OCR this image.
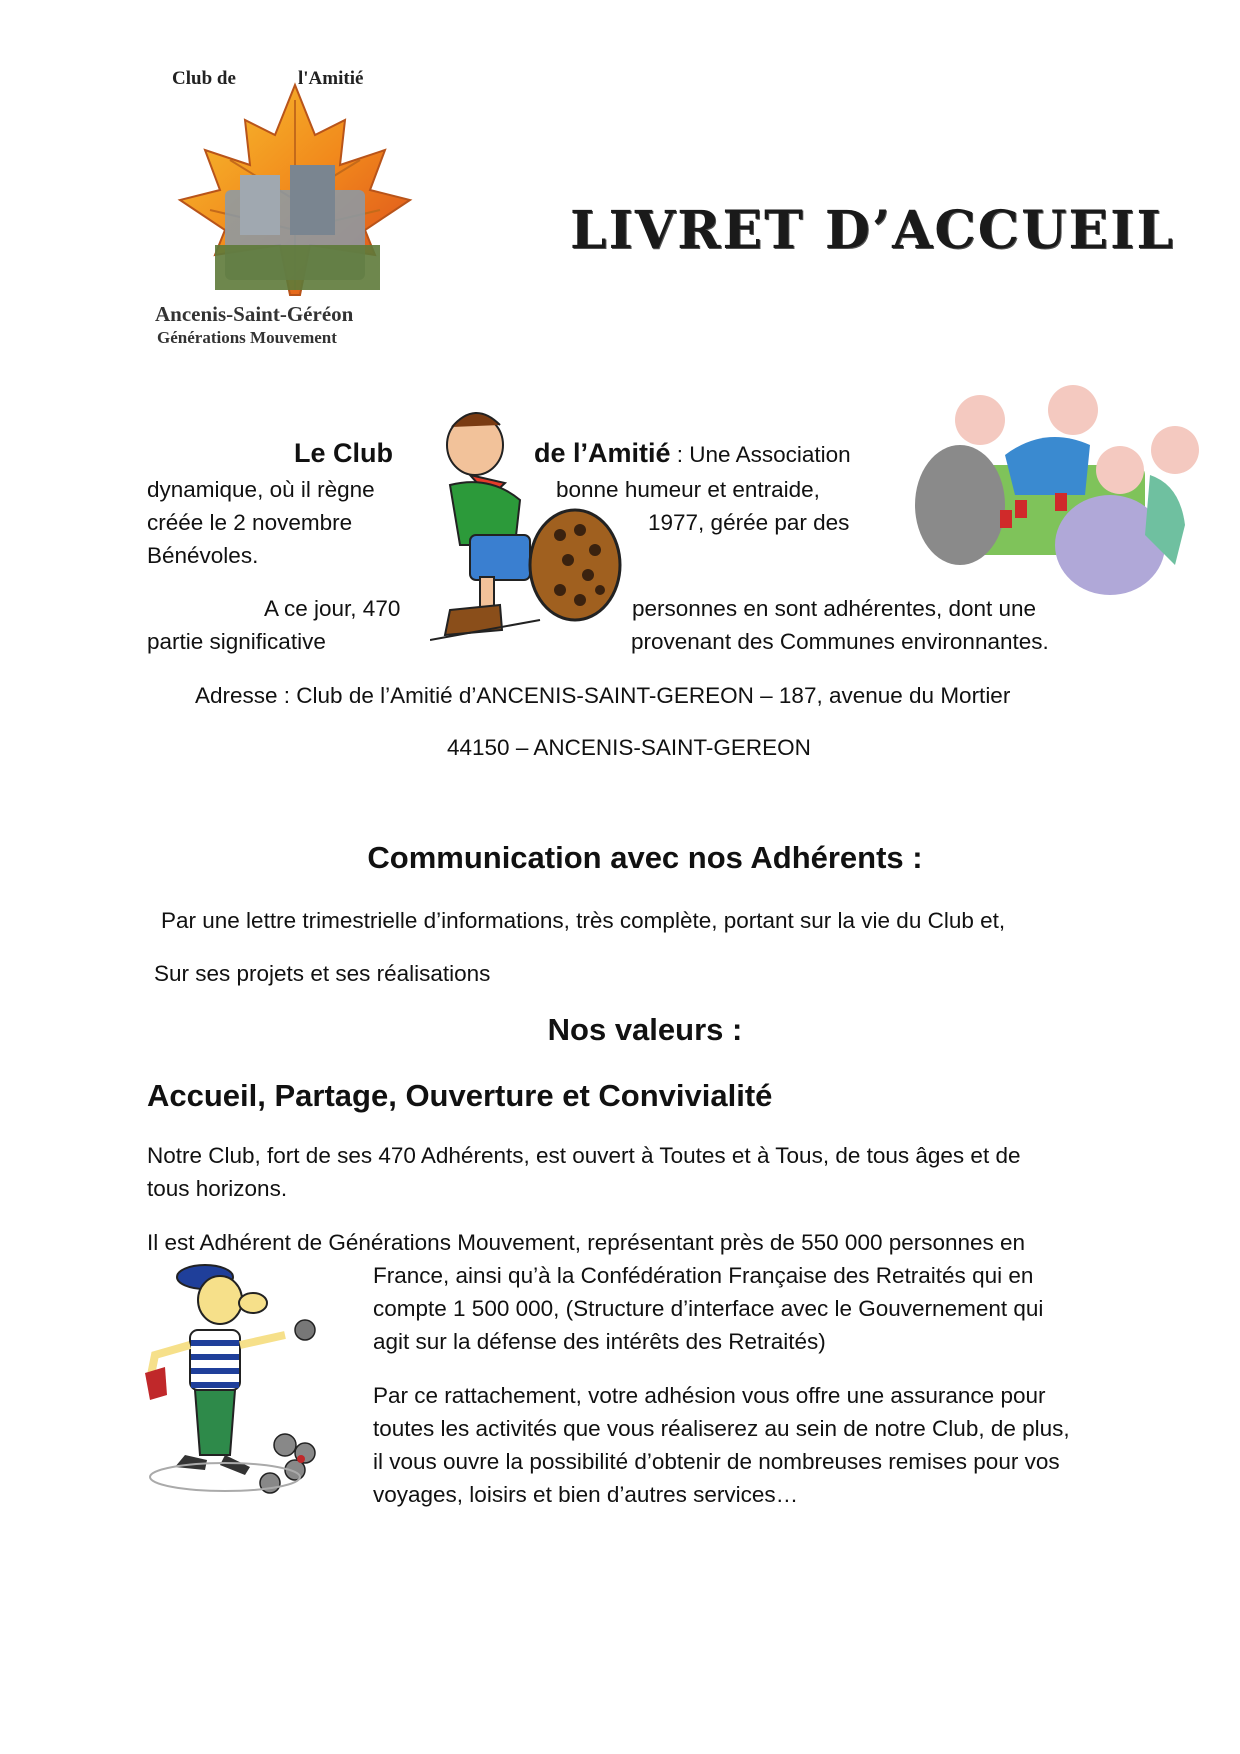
Club de	l'Amitié
Ancenis-Saint-Géréon
Générations Mouvement
LIVRET D’ACCUEIL
Le Club	de l’Amitié : Une Association
dynamique, où il règne	bonne humeur et entraide,
créée le 2 novembre	1977, gérée par des
Bénévoles.
A ce jour, 470	personnes en sont adhérentes, dont une
partie significative	provenant des Communes environnantes.
Adresse : Club de l’Amitié d’ANCENIS-SAINT-GEREON – 187, avenue du Mortier
44150 – ANCENIS-SAINT-GEREON
Communication avec nos Adhérents :
Par une lettre trimestrielle d’informations, très complète, portant sur la vie du Club et,
Sur ses projets et ses réalisations
Nos valeurs :
Accueil, Partage, Ouverture et Convivialité
Notre Club, fort de ses 470 Adhérents, est ouvert à Toutes et à Tous, de tous âges et de
tous horizons.
Il est Adhérent de Générations Mouvement, représentant près de 550 000 personnes en
France, ainsi qu’à la Confédération Française des Retraités qui en
compte 1 500 000, (Structure d’interface avec le Gouvernement qui
agit sur la défense des intérêts des Retraités)
Par ce rattachement, votre adhésion vous offre une assurance pour
toutes les activités que vous réaliserez au sein de notre Club, de plus,
il vous ouvre la possibilité d’obtenir de nombreuses remises pour vos
voyages, loisirs et bien d’autres services…
